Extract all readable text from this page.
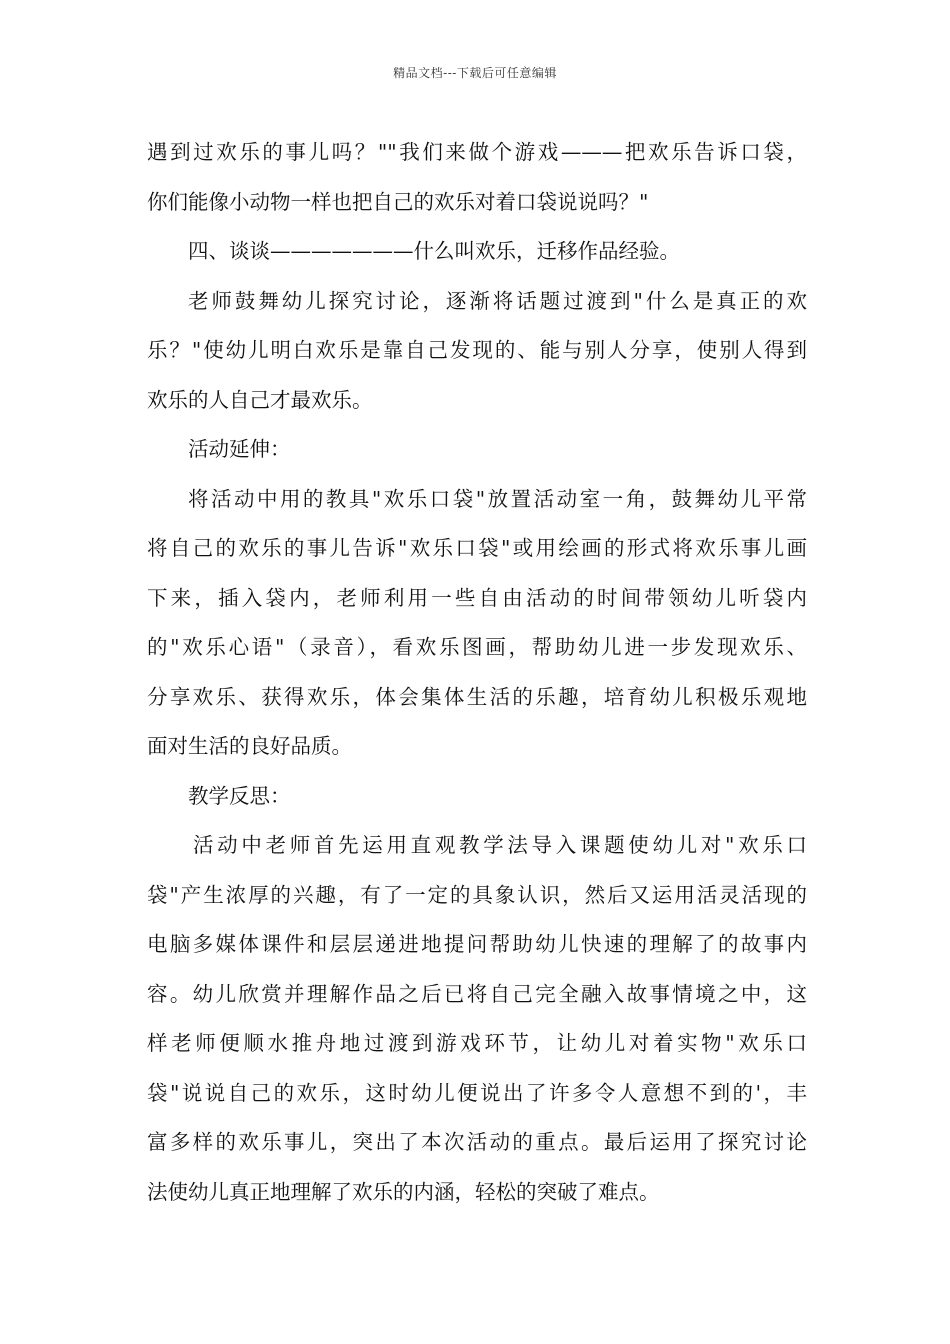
精品文档---下载后可任意编辑
遇到过欢乐的事儿吗？""我们来做个游戏———把欢乐告诉口袋，
你们能像小动物一样也把自己的欢乐对着口袋说说吗？"
四、谈谈———————什么叫欢乐，迁移作品经验。
老师鼓舞幼儿探究讨论，逐渐将话题过渡到"什么是真正的欢
乐？"使幼儿明白欢乐是靠自己发现的、能与别人分享，使别人得到
欢乐的人自己才最欢乐。
活动延伸：
将活动中用的教具"欢乐口袋"放置活动室一角，鼓舞幼儿平常
将自己的欢乐的事儿告诉"欢乐口袋"或用绘画的形式将欢乐事儿画
下来，插入袋内，老师利用一些自由活动的时间带领幼儿听袋内
的"欢乐心语"（录音），看欢乐图画，帮助幼儿进一步发现欢乐、
分享欢乐、获得欢乐，体会集体生活的乐趣，培育幼儿积极乐观地
面对生活的良好品质。
教学反思：
活动中老师首先运用直观教学法导入课题使幼儿对"欢乐口
袋"产生浓厚的兴趣，有了一定的具象认识，然后又运用活灵活现的
电脑多媒体课件和层层递进地提问帮助幼儿快速的理解了的故事内
容。幼儿欣赏并理解作品之后已将自己完全融入故事情境之中，这
样老师便顺水推舟地过渡到游戏环节，让幼儿对着实物"欢乐口
袋"说说自己的欢乐，这时幼儿便说出了许多令人意想不到的'，丰
富多样的欢乐事儿，突出了本次活动的重点。最后运用了探究讨论
法使幼儿真正地理解了欢乐的内涵，轻松的突破了难点。
